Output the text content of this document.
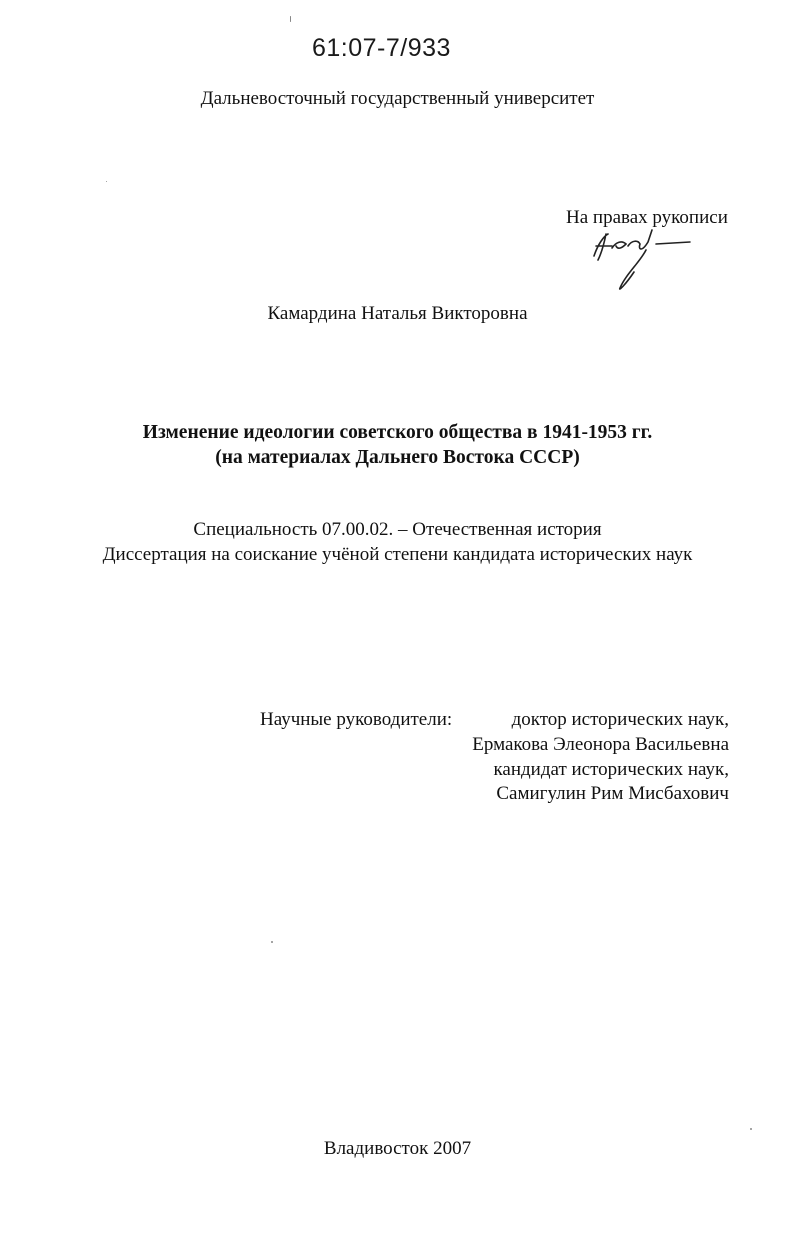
61:07-7/933
Дальневосточный государственный университет
На правах рукописи
Камардина Наталья Викторовна
Изменение идеологии советского общества в 1941-1953 гг.
(на материалах Дальнего Востока СССР)
Специальность 07.00.02. – Отечественная история
Диссертация на соискание учёной степени кандидата исторических наук
Научные руководители:	доктор исторических наук,
Ермакова Элеонора Васильевна
кандидат исторических наук,
Самигулин Рим Мисбахович
Владивосток 2007
